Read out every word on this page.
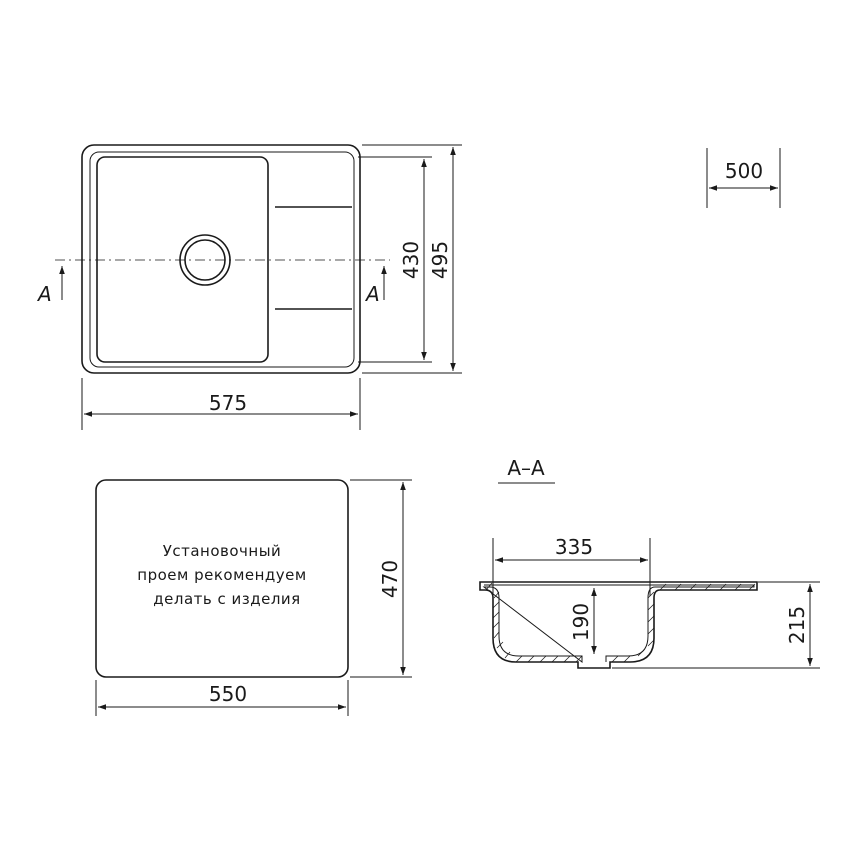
A	A
575
430 495
500
Установочный
проем рекомендуем
делать с изделия
470
550
A–A
335
190	215
